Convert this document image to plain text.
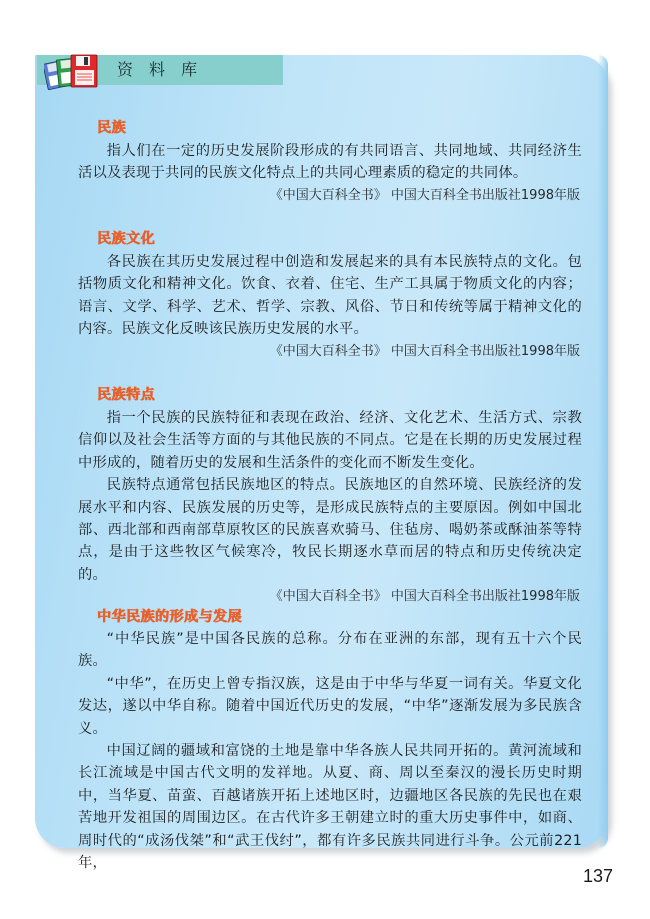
资料库
民族

指人们在一定的历史发展阶段形成的有共同语言、共同地域、共同经济生活以及表现于共同的民族文化特点上的共同心理素质的稳定的共同体。

《中国大百科全书》 中国大百科全书出版社1998年版

民族文化

各民族在其历史发展过程中创造和发展起来的具有本民族特点的文化。包括物质文化和精神文化。饮食、衣着、住宅、生产工具属于物质文化的内容；语言、文学、科学、艺术、哲学、宗教、风俗、节日和传统等属于精神文化的内容。民族文化反映该民族历史发展的水平。

《中国大百科全书》 中国大百科全书出版社1998年版

民族特点

指一个民族的民族特征和表现在政治、经济、文化艺术、生活方式、宗教信仰以及社会生活等方面的与其他民族的不同点。它是在长期的历史发展过程中形成的，随着历史的发展和生活条件的变化而不断发生变化。

民族特点通常包括民族地区的特点。民族地区的自然环境、民族经济的发展水平和内容、民族发展的历史等，是形成民族特点的主要原因。例如中国北部、西北部和西南部草原牧区的民族喜欢骑马、住毡房、喝奶茶或酥油茶等特点，是由于这些牧区气候寒冷，牧民长期逐水草而居的特点和历史传统决定的。

《中国大百科全书》 中国大百科全书出版社1998年版

中华民族的形成与发展

“中华民族”是中国各民族的总称。分布在亚洲的东部，现有五十六个民族。

“中华”，在历史上曾专指汉族，这是由于中华与华夏一词有关。华夏文化发达，遂以中华自称。随着中国近代历史的发展，“中华”逐渐发展为多民族含义。

中国辽阔的疆域和富饶的土地是靠中华各族人民共同开拓的。黄河流域和长江流域是中国古代文明的发祥地。从夏、商、周以至秦汉的漫长历史时期中，当华夏、苗蛮、百越诸族开拓上述地区时，边疆地区各民族的先民也在艰苦地开发祖国的周围边区。在古代许多王朝建立时的重大历史事件中，如商、周时代的“成汤伐桀”和“武王伐纣”，都有许多民族共同进行斗争。公元前221年，

137
